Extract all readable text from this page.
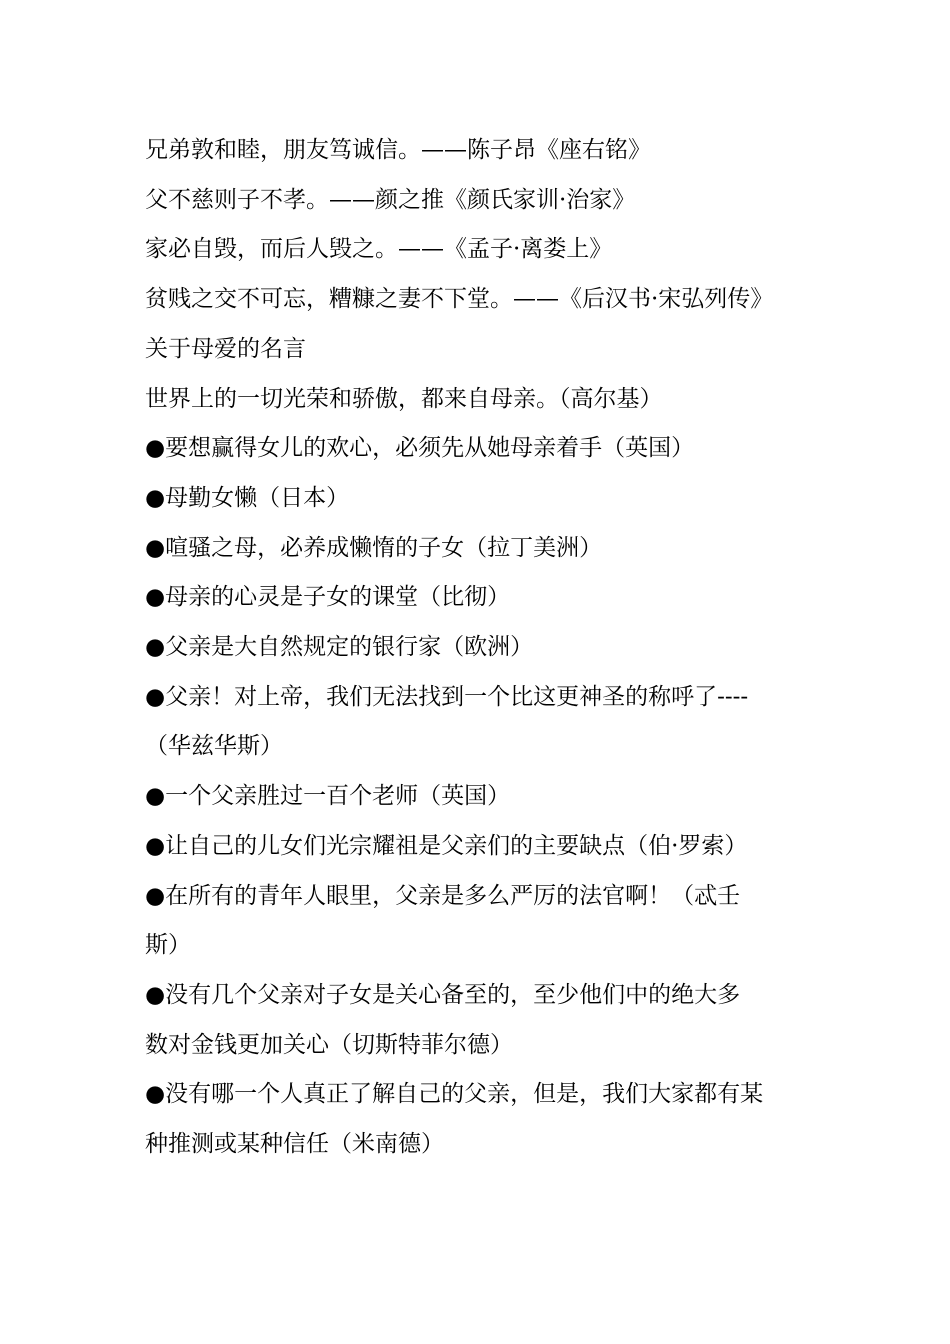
兄弟敦和睦，朋友笃诚信。——陈子昂《座右铭》
父不慈则子不孝。——颜之推《颜氏家训·治家》
家必自毁，而后人毁之。——《孟子·离娄上》
贫贱之交不可忘，糟糠之妻不下堂。——《后汉书·宋弘列传》
关于母爱的名言
世界上的一切光荣和骄傲，都来自母亲。（高尔基）
●要想赢得女儿的欢心，必须先从她母亲着手（英国）
●母勤女懒（日本）
●喧骚之母，必养成懒惰的子女（拉丁美洲）
●母亲的心灵是子女的课堂（比彻）
●父亲是大自然规定的银行家（欧洲）
●父亲！对上帝，我们无法找到一个比这更神圣的称呼了----
（华兹华斯）
●一个父亲胜过一百个老师（英国）
●让自己的儿女们光宗耀祖是父亲们的主要缺点（伯·罗索）
●在所有的青年人眼里，父亲是多么严厉的法官啊！（忒壬
斯）
●没有几个父亲对子女是关心备至的，至少他们中的绝大多
数对金钱更加关心（切斯特菲尔德）
●没有哪一个人真正了解自己的父亲，但是，我们大家都有某
种推测或某种信任（米南德）
